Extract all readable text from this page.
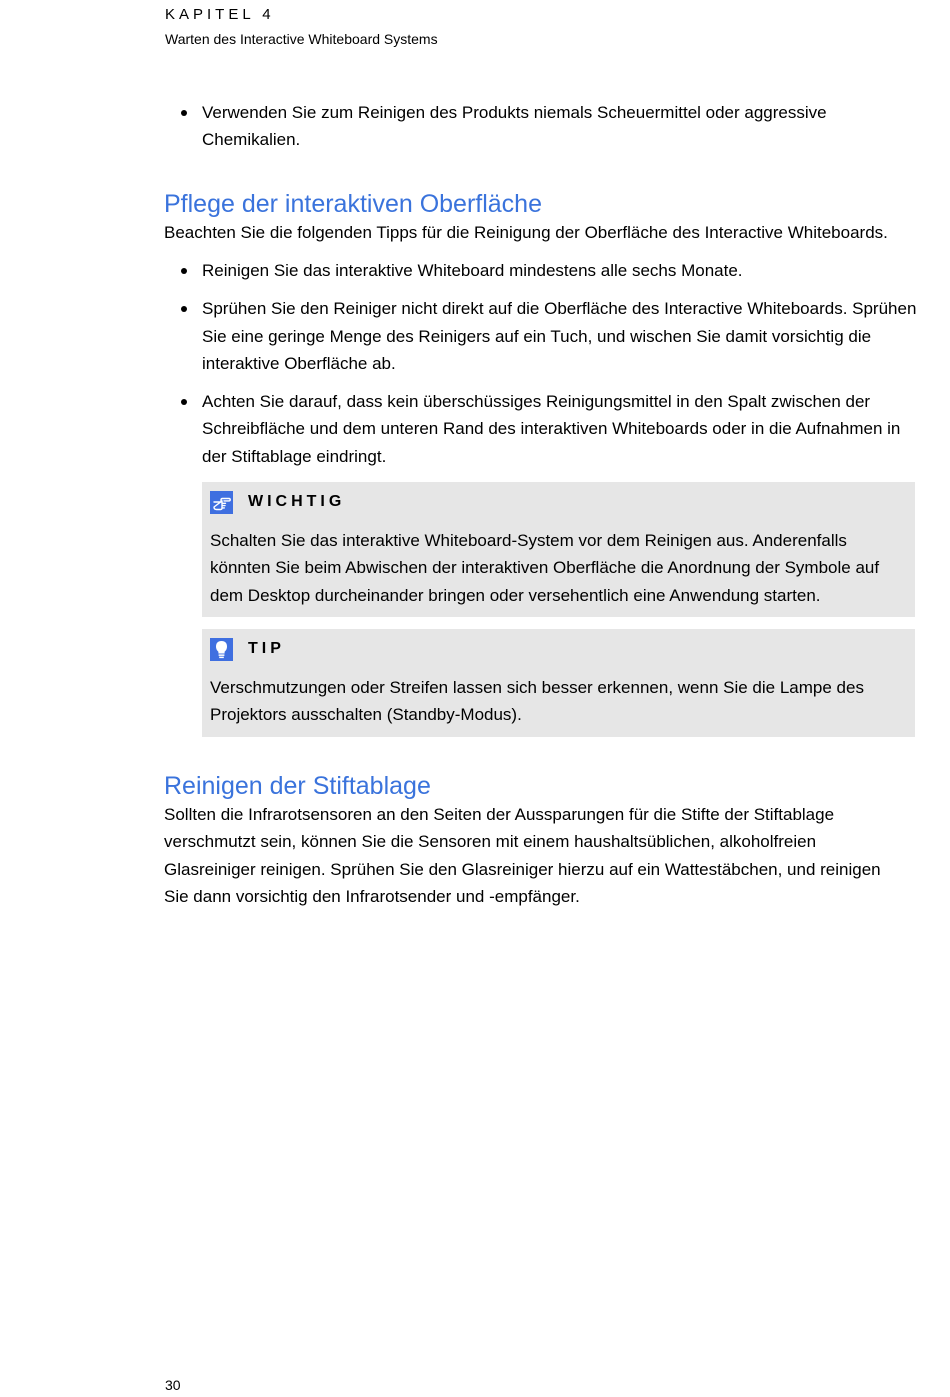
KAPITEL 4
Warten des Interactive Whiteboard Systems
Verwenden Sie zum Reinigen des Produkts niemals Scheuermittel oder aggressive Chemikalien.
Pflege der interaktiven Oberfläche
Beachten Sie die folgenden Tipps für die Reinigung der Oberfläche des Interactive Whiteboards.
Reinigen Sie das interaktive Whiteboard mindestens alle sechs Monate.
Sprühen Sie den Reiniger nicht direkt auf die Oberfläche des Interactive Whiteboards. Sprühen Sie eine geringe Menge des Reinigers auf ein Tuch, und wischen Sie damit vorsichtig die interaktive Oberfläche ab.
Achten Sie darauf, dass kein überschüssiges Reinigungsmittel in den Spalt zwischen der Schreibfläche und dem unteren Rand des interaktiven Whiteboards oder in die Aufnahmen in der Stiftablage eindringt.
WICHTIG
Schalten Sie das interaktive Whiteboard-System vor dem Reinigen aus. Anderenfalls könnten Sie beim Abwischen der interaktiven Oberfläche die Anordnung der Symbole auf dem Desktop durcheinander bringen oder versehentlich eine Anwendung starten.
TIP
Verschmutzungen oder Streifen lassen sich besser erkennen, wenn Sie die Lampe des Projektors ausschalten (Standby-Modus).
Reinigen der Stiftablage
Sollten die Infrarotsensoren an den Seiten der Aussparungen für die Stifte der Stiftablage verschmutzt sein, können Sie die Sensoren mit einem haushaltsüblichen, alkoholfreien Glasreiniger reinigen. Sprühen Sie den Glasreiniger hierzu auf ein Wattestäbchen, und reinigen Sie dann vorsichtig den Infrarotsender und -empfänger.
30
